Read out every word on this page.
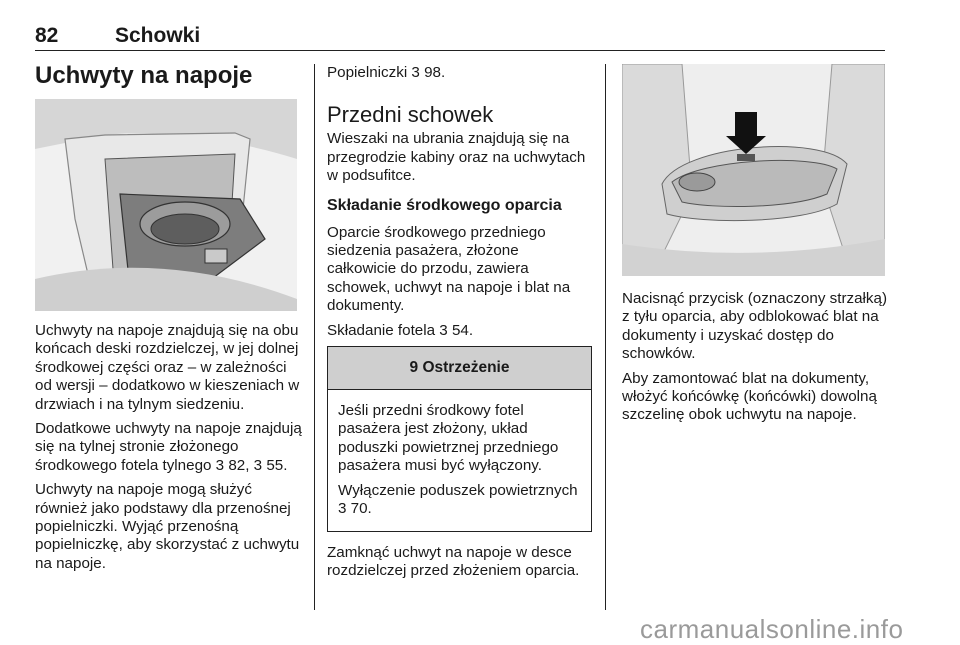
82	Schowki
Uchwyty na napoje

Uchwyty na napoje znajdują się na obu końcach deski rozdzielczej, w jej dolnej środkowej części oraz – w zależności od wersji – dodatkowo w kieszeniach w drzwiach i na tylnym siedzeniu.

Dodatkowe uchwyty na napoje znajdują się na tylnej stronie złożonego środkowego fotela tylnego 3 82, 3 55.

Uchwyty na napoje mogą służyć również jako podstawy dla przenośnej popielniczki. Wyjąć przenośną popielniczkę, aby skorzystać z uchwytu na napoje.

Popielniczki 3 98.

Przedni schowek

Wieszaki na ubrania znajdują się na przegrodzie kabiny oraz na uchwytach w podsufitce.

Składanie środkowego oparcia

Oparcie środkowego przedniego siedzenia pasażera, złożone całkowicie do przodu, zawiera schowek, uchwyt na napoje i blat na dokumenty.

Składanie fotela 3 54.

9 Ostrzeżenie

Jeśli przedni środkowy fotel pasażera jest złożony, układ poduszki powietrznej przedniego pasażera musi być wyłączony.

Wyłączenie poduszek powietrznych 3 70.

Zamknąć uchwyt na napoje w desce rozdzielczej przed złożeniem oparcia.

Nacisnąć przycisk (oznaczony strzałką) z tyłu oparcia, aby odblokować blat na dokumenty i uzyskać dostęp do schowków.

Aby zamontować blat na dokumenty, włożyć końcówkę (końcówki) dowolną szczelinę obok uchwytu na napoje.

carmanualsonline.info
